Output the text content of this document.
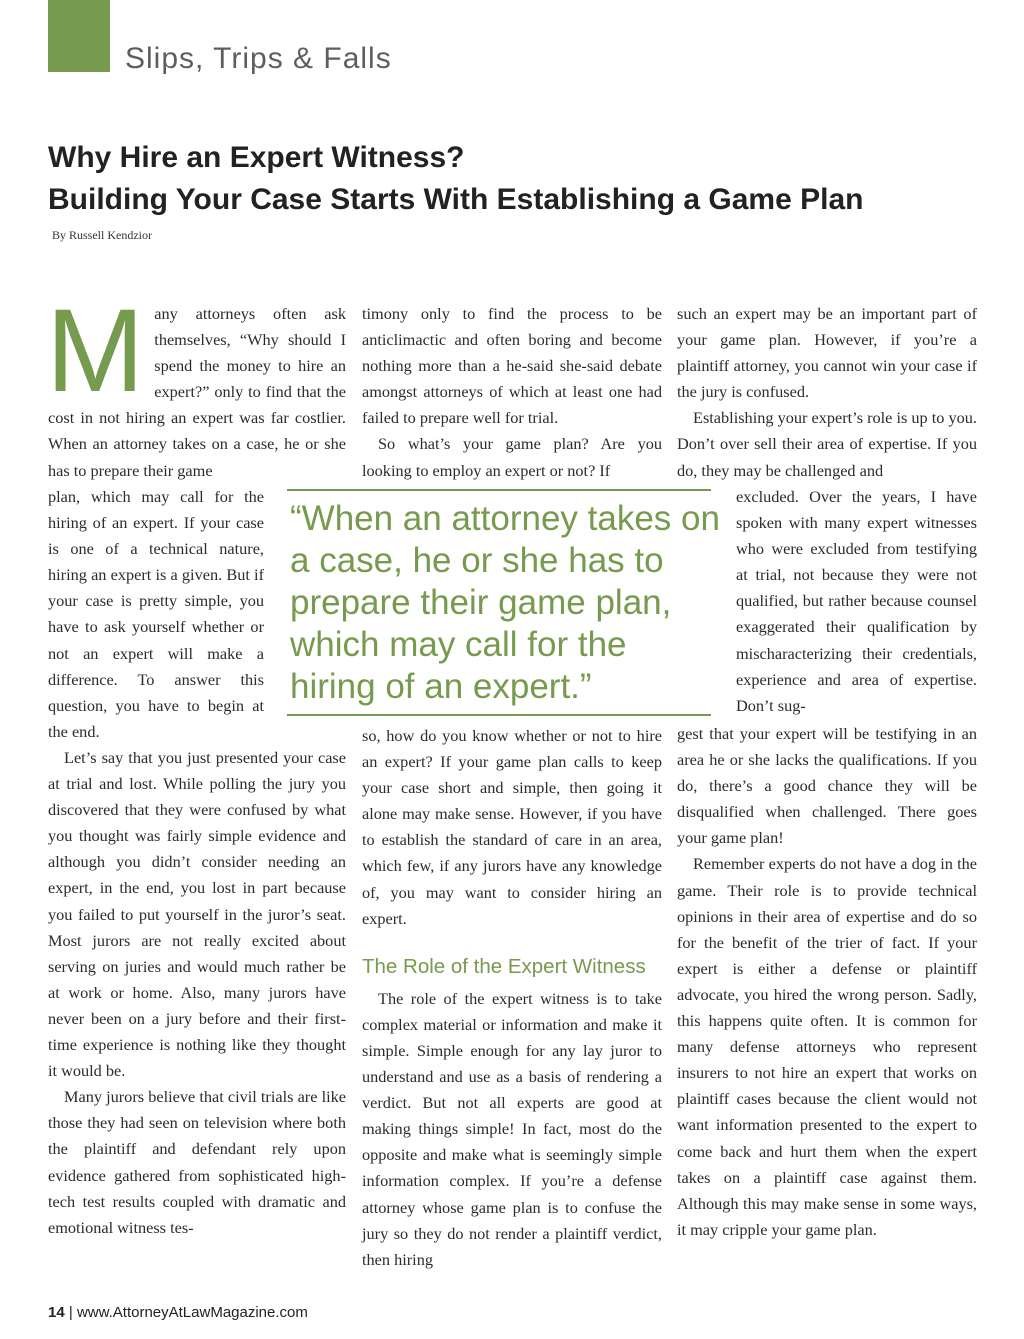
Slips, Trips & Falls
Why Hire an Expert Witness?
Building Your Case Starts With Establishing a Game Plan
By Russell Kendzior

Many attorneys often ask themselves, “Why should I spend the money to hire an expert?” only to find that the cost in not hiring an expert was far costlier. When an attorney takes on a case, he or she has to prepare their game

plan, which may call for the hiring of an expert. If your case is one of a technical nature, hiring an expert is a given. But if your case is pretty simple, you have to ask yourself whether or not an expert will make a difference. To answer this question, you have to begin at the end.

Let’s say that you just presented your case at trial and lost. While polling the jury you discovered that they were confused by what you thought was fairly simple evidence and although you didn’t consider needing an expert, in the end, you lost in part because you failed to put yourself in the juror’s seat. Most jurors are not really excited about serving on juries and would much rather be at work or home. Also, many jurors have never been on a jury before and their first-time experience is nothing like they thought it would be.

Many jurors believe that civil trials are like those they had seen on television where both the plaintiff and defendant rely upon evidence gathered from sophisticated high-tech test results coupled with dramatic and emotional witness tes-

timony only to find the process to be anticlimactic and often boring and become nothing more than a he-said she-said debate amongst attorneys of which at least one had failed to prepare well for trial.

So what’s your game plan? Are you looking to employ an expert or not? If

so, how do you know whether or not to hire an expert? If your game plan calls to keep your case short and simple, then going it alone may make sense. However, if you have to establish the standard of care in an area, which few, if any jurors have any knowledge of, you may want to consider hiring an expert.

The Role of the Expert Witness

The role of the expert witness is to take complex material or information and make it simple. Simple enough for any lay juror to understand and use as a basis of rendering a verdict. But not all experts are good at making things simple! In fact, most do the opposite and make what is seemingly simple information complex. If you’re a defense attorney whose game plan is to confuse the jury so they do not render a plaintiff verdict, then hiring

such an expert may be an important part of your game plan. However, if you’re a plaintiff attorney, you cannot win your case if the jury is confused.

Establishing your expert’s role is up to you. Don’t over sell their area of expertise. If you do, they may be challenged and

excluded. Over the years, I have spoken with many expert witnesses who were excluded from testifying at trial, not because they were not qualified, but rather because counsel exaggerated their qualification by mischaracterizing their credentials, experience and area of expertise. Don’t sug-

gest that your expert will be testifying in an area he or she lacks the qualifications. If you do, there’s a good chance they will be disqualified when challenged. There goes your game plan!

Remember experts do not have a dog in the game. Their role is to provide technical opinions in their area of expertise and do so for the benefit of the trier of fact. If your expert is either a defense or plaintiff advocate, you hired the wrong person. Sadly, this happens quite often. It is common for many defense attorneys who represent insurers to not hire an expert that works on plaintiff cases because the client would not want information presented to the expert to come back and hurt them when the expert takes on a plaintiff case against them. Although this may make sense in some ways, it may cripple your game plan.

“When an attorney takes on a case, he or she has to prepare their game plan, which may call for the hiring of an expert.”

14 | www.AttorneyAtLawMagazine.com
